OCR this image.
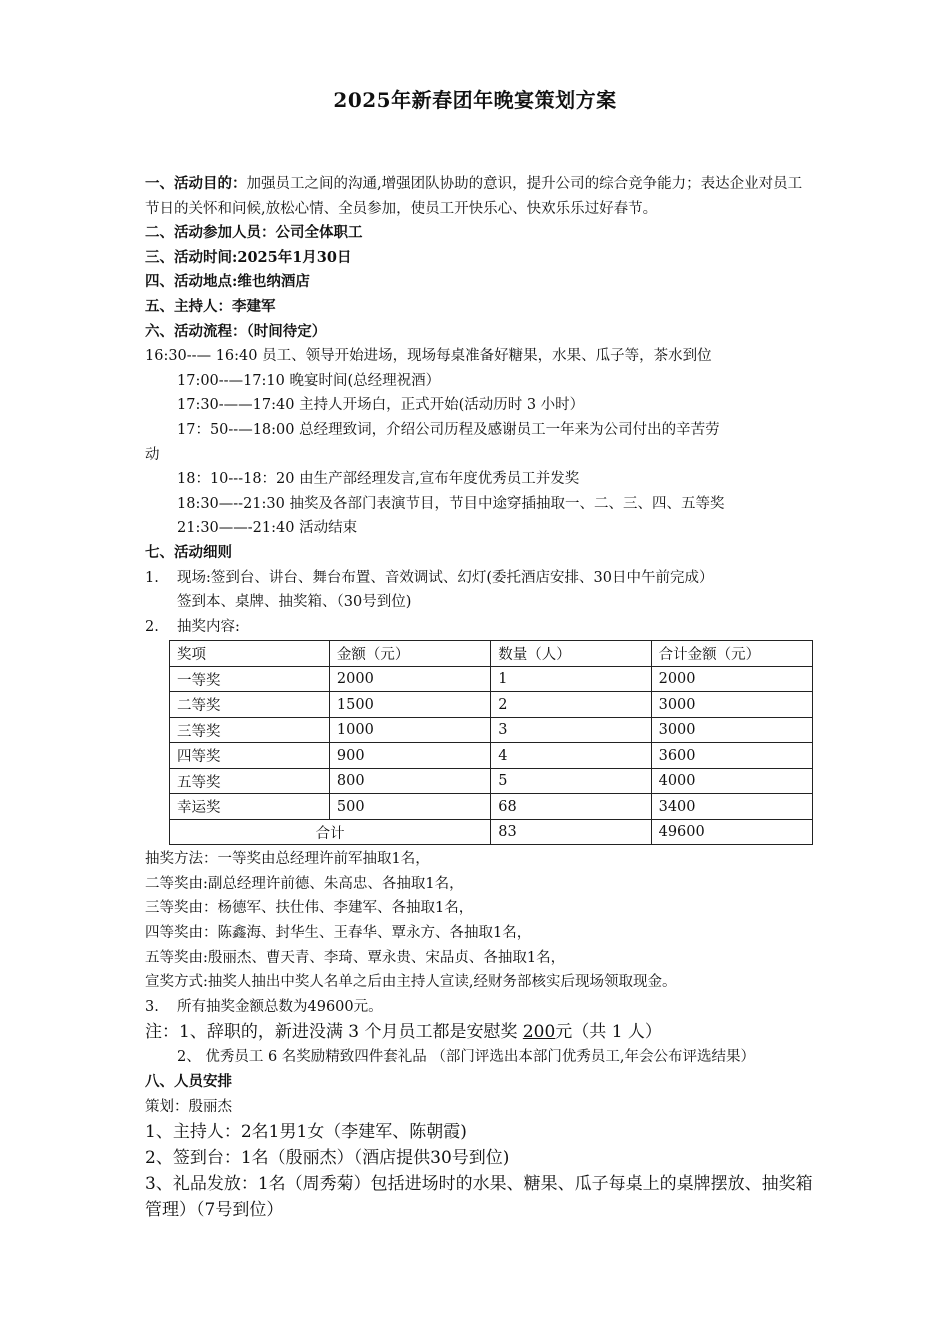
2025年新春团年晚宴策划方案
一、活动目的：加强员工之间的沟通,增强团队协助的意识，提升公司的综合竞争能力；表达企业对员工节日的关怀和问候,放松心情、全员参加，使员工开快乐心、快欢乐乐过好春节。
二、活动参加人员：公司全体职工
三、活动时间:2025年1月30日
四、活动地点:维也纳酒店
五、主持人：李建军
六、活动流程：（时间待定）
16:30--— 16:40 员工、领导开始进场，现场每桌准备好糖果，水果、瓜子等，茶水到位
17:00--—17:10 晚宴时间(总经理祝酒）
17:30-——17:40 主持人开场白，正式开始(活动历时 3 小时）
17：50--—18:00 总经理致词，介绍公司历程及感谢员工一年来为公司付出的辛苦劳
动
18：10---18：20 由生产部经理发言,宣布年度优秀员工并发奖
18:30—--21:30 抽奖及各部门表演节目，节目中途穿插抽取一、二、三、四、五等奖
21:30——-21:40 活动结束
七、活动细则
1. 现场:签到台、讲台、舞台布置、音效调试、幻灯(委托酒店安排、30日中午前完成）
签到本、桌牌、抽奖箱、（30号到位)
2. 抽奖内容:
奖项	金额（元）	数量（人）	合计金额（元）
一等奖	2000	1	2000
二等奖	1500	2	3000
三等奖	1000	3	3000
四等奖	900	4	3600
五等奖	800	5	4000
幸运奖	500	68	3400
合计		83	49600
抽奖方法：一等奖由总经理许前军抽取1名，
二等奖由:副总经理许前德、朱高忠、各抽取1名，
三等奖由：杨德军、扶仕伟、李建军、各抽取1名，
四等奖由：陈鑫海、封华生、王春华、覃永方、各抽取1名，
五等奖由:殷丽杰、曹天青、李琦、覃永贵、宋品贞、各抽取1名，
宣奖方式:抽奖人抽出中奖人名单之后由主持人宣读,经财务部核实后现场领取现金。
3. 所有抽奖金额总数为49600元。
注：1、辞职的，新进没满 3 个月员工都是安慰奖 200元（共 1 人）
2、 优秀员工 6 名奖励精致四件套礼品 （部门评选出本部门优秀员工,年会公布评选结果）
八、人员安排
策划：殷丽杰
1、主持人：2名1男1女（李建军、陈朝霞)
2、签到台：1名（殷丽杰）（酒店提供30号到位)
3、礼品发放：1名（周秀菊）包括进场时的水果、糖果、瓜子每桌上的桌牌摆放、抽奖箱管理）（7号到位）
